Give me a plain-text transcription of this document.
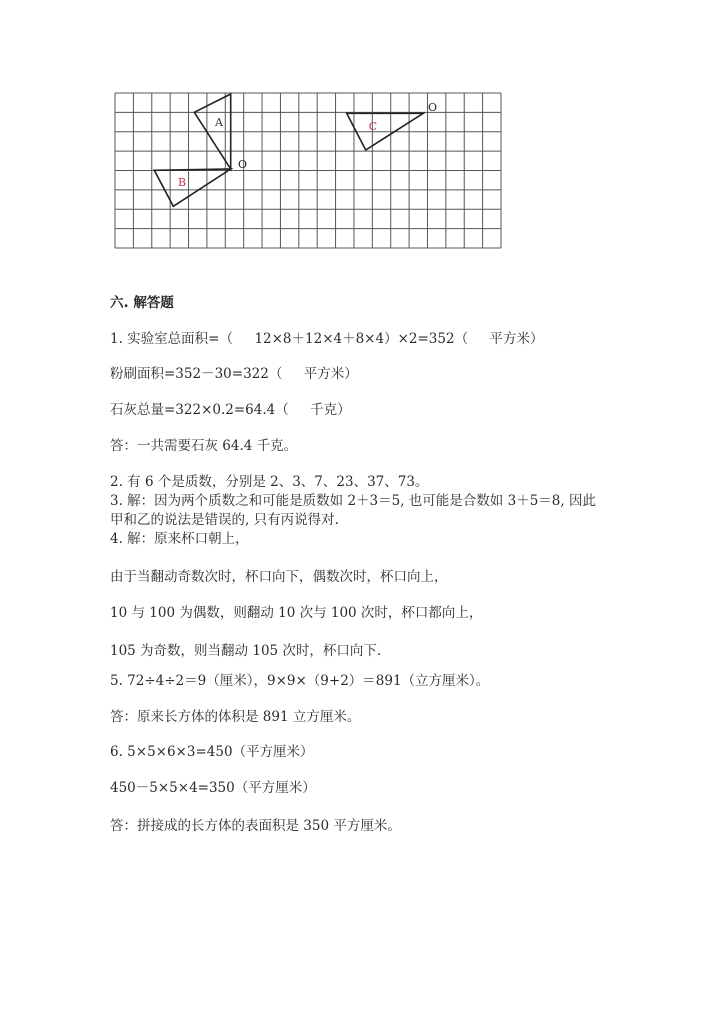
A
B
C
O
O
六. 解答题
1. 实验室总面积=（     12×8＋12×4＋8×4）×2=352（     平方米）
粉刷面积=352－30=322（     平方米）
石灰总量=322×0.2=64.4（     千克）
答：一共需要石灰 64.4 千克。
2. 有 6 个是质数，分别是 2、3、7、23、37、73。
3. 解：因为两个质数之和可能是质数如 2＋3＝5, 也可能是合数如 3＋5＝8, 因此
甲和乙的说法是错误的, 只有丙说得对.
4. 解：原来杯口朝上，
由于当翻动奇数次时，杯口向下，偶数次时，杯口向上，
10 与 100 为偶数，则翻动 10 次与 100 次时，杯口都向上，
105 为奇数，则当翻动 105 次时，杯口向下.
5. 72÷4÷2＝9（厘米），9×9×（9+2）＝891（立方厘米）。
答：原来长方体的体积是 891 立方厘米。
6. 5×5×6×3=450（平方厘米）
450－5×5×4=350（平方厘米）
答：拼接成的长方体的表面积是 350 平方厘米。
